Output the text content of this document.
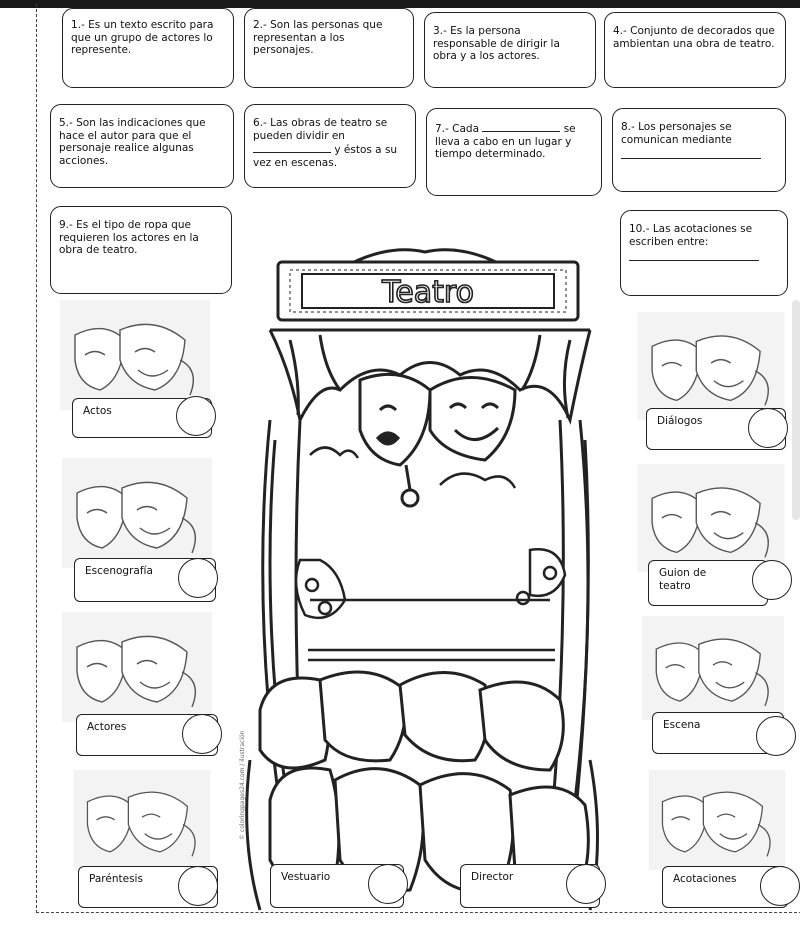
1.- Es un texto escrito para que un grupo de actores lo represente.
2.- Son las personas que representan a los personajes.
3.- Es la persona responsable de dirigir la obra y a los actores.
4.- Conjunto de decorados que ambientan una obra de teatro.
5.- Son las indicaciones que hace el autor para que el personaje realice algunas acciones.
6.- Las obras de teatro se pueden dividir en
y éstos a su vez en escenas.
7.- Cada	se lleva a cabo en un lugar y tiempo determinado.
8.- Los personajes se comunican mediante
9.- Es el tipo de ropa que requieren los actores en la obra de teatro.
10.- Las acotaciones se escriben entre:
Teatro
© coloringpages24.com / ilustración
Actos
Escenografía
Actores
Paréntesis
Diálogos
Guion de teatro
Escena
Acotaciones
Vestuario	Director
